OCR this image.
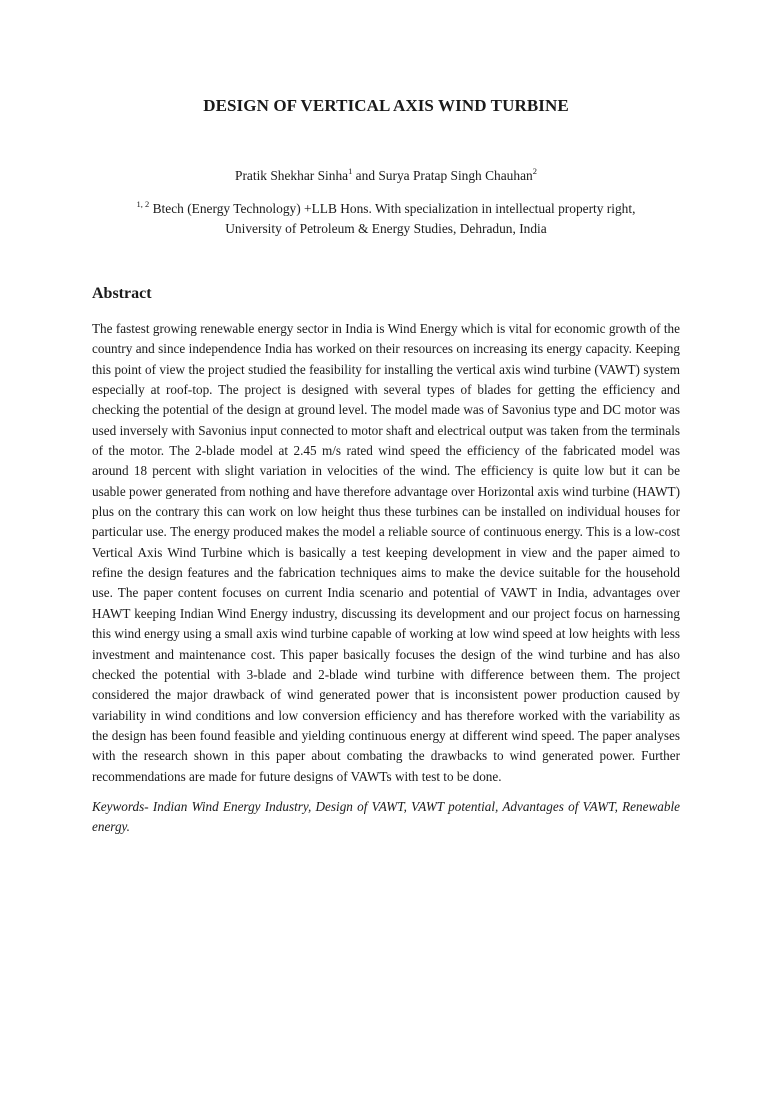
DESIGN OF VERTICAL AXIS WIND TURBINE

Pratik Shekhar Sinha$^1$ and Surya Pratap Singh Chauhan$^2$

$^{1, 2}$ Btech (Energy Technology) +LLB Hons. With specialization in intellectual property right,
University of Petroleum & Energy Studies, Dehradun, India

Abstract

The fastest growing renewable energy sector in India is Wind Energy which is vital for economic growth of the country and since independence India has worked on their resources on increasing its energy capacity. Keeping this point of view the project studied the feasibility for installing the vertical axis wind turbine (VAWT) system especially at roof-top. The project is designed with several types of blades for getting the efficiency and checking the potential of the design at ground level. The model made was of Savonius type and DC motor was used inversely with Savonius input connected to motor shaft and electrical output was taken from the terminals of the motor. The 2-blade model at 2.45 m/s rated wind speed the efficiency of the fabricated model was around 18 percent with slight variation in velocities of the wind. The efficiency is quite low but it can be usable power generated from nothing and have therefore advantage over Horizontal axis wind turbine (HAWT) plus on the contrary this can work on low height thus these turbines can be installed on individual houses for particular use. The energy produced makes the model a reliable source of continuous energy. This is a low-cost Vertical Axis Wind Turbine which is basically a test keeping development in view and the paper aimed to refine the design features and the fabrication techniques aims to make the device suitable for the household use. The paper content focuses on current India scenario and potential of VAWT in India, advantages over HAWT keeping Indian Wind Energy industry, discussing its development and our project focus on harnessing this wind energy using a small axis wind turbine capable of working at low wind speed at low heights with less investment and maintenance cost. This paper basically focuses the design of the wind turbine and has also checked the potential with 3-blade and 2-blade wind turbine with difference between them. The project considered the major drawback of wind generated power that is inconsistent power production caused by variability in wind conditions and low conversion efficiency and has therefore worked with the variability as the design has been found feasible and yielding continuous energy at different wind speed. The paper analyses with the research shown in this paper about combating the drawbacks to wind generated power. Further recommendations are made for future designs of VAWTs with test to be done.

Keywords- Indian Wind Energy Industry, Design of VAWT, VAWT potential, Advantages of VAWT, Renewable energy.
